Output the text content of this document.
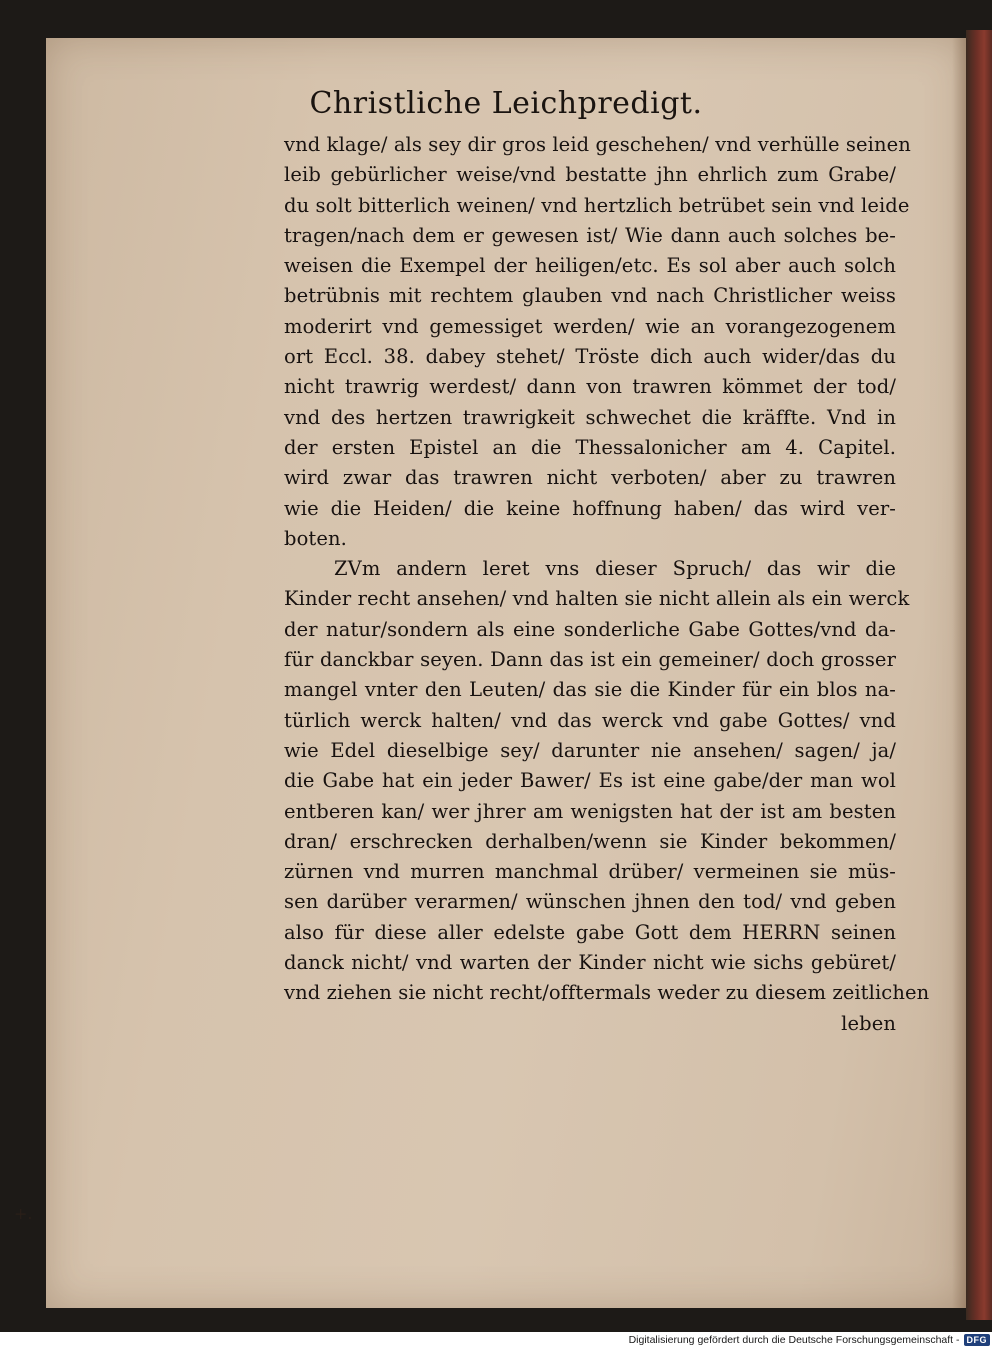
Christliche Leichpredigt.
vnd klage/ als sey dir gros leid geschehen/ vnd verhülle seinen
leib gebürlicher weise/vnd bestatte jhn ehrlich zum Grabe/
du solt bitterlich weinen/ vnd hertzlich betrübet sein vnd leide
tragen/nach dem er gewesen ist/ Wie dann auch solches be-
weisen die Exempel der heiligen/etc. Es sol aber auch solch
betrübnis mit rechtem glauben vnd nach Christlicher weiss
moderirt vnd gemessiget werden/ wie an vorangezogenem
ort Eccl. 38. dabey stehet/ Tröste dich auch wider/das du
nicht trawrig werdest/ dann von trawren kömmet der tod/
vnd des hertzen trawrigkeit schwechet die kräffte. Vnd in
der ersten Epistel an die Thessalonicher am 4. Capitel.
wird zwar das trawren nicht verboten/ aber zu trawren
wie die Heiden/ die keine hoffnung haben/ das wird ver-
boten.
ZVm andern leret vns dieser Spruch/ das wir die
Kinder recht ansehen/ vnd halten sie nicht allein als ein werck
der natur/sondern als eine sonderliche Gabe Gottes/vnd da-
für danckbar seyen. Dann das ist ein gemeiner/ doch grosser
mangel vnter den Leuten/ das sie die Kinder für ein blos na-
türlich werck halten/ vnd das werck vnd gabe Gottes/ vnd
wie Edel dieselbige sey/ darunter nie ansehen/ sagen/ ja/
die Gabe hat ein jeder Bawer/ Es ist eine gabe/der man wol
entberen kan/ wer jhrer am wenigsten hat der ist am besten
dran/ erschrecken derhalben/wenn sie Kinder bekommen/
zürnen vnd murren manchmal drüber/ vermeinen sie müs-
sen darüber verarmen/ wünschen jhnen den tod/ vnd geben
also für diese aller edelste gabe Gott dem HERRN seinen
danck nicht/ vnd warten der Kinder nicht wie sichs gebüret/
vnd ziehen sie nicht recht/offtermals weder zu diesem zeitlichen
leben
+.
Digitalisierung gefördert durch die Deutsche Forschungsgemeinschaft - DFG
